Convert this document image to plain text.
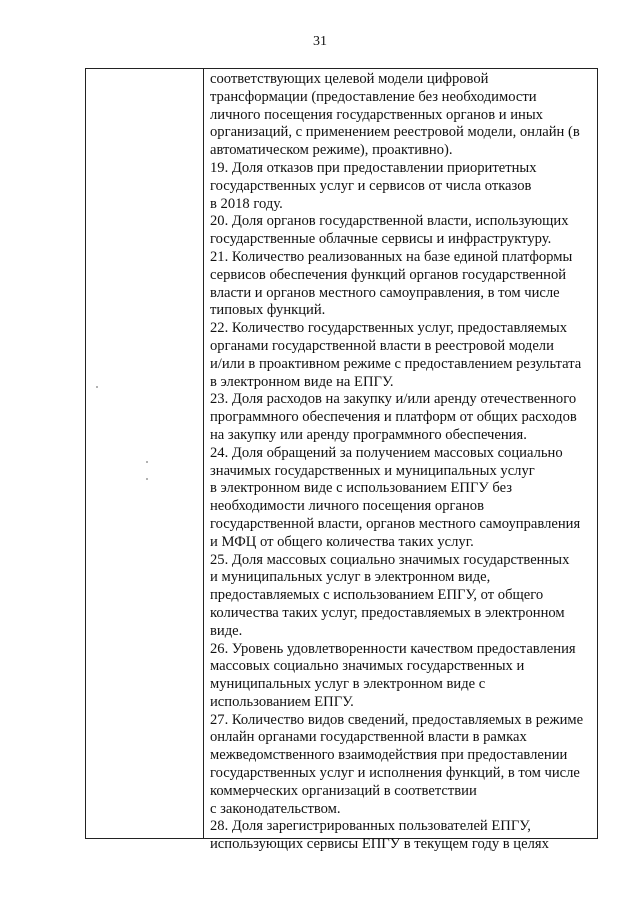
31
соответствующих целевой модели цифровой
трансформации (предоставление без необходимости
личного посещения государственных органов и иных
организаций, с применением реестровой модели, онлайн (в
автоматическом режиме), проактивно).
19. Доля отказов при предоставлении приоритетных
государственных услуг и сервисов от числа отказов
в 2018 году.
20. Доля органов государственной власти, использующих
государственные облачные сервисы и инфраструктуру.
21. Количество реализованных на базе единой платформы
сервисов обеспечения функций органов государственной
власти и органов местного самоуправления, в том числе
типовых функций.
22. Количество государственных услуг, предоставляемых
органами государственной власти в реестровой модели
и/или в проактивном режиме с предоставлением результата
в электронном виде на ЕПГУ.
23. Доля расходов на закупку и/или аренду отечественного
программного обеспечения и платформ от общих расходов
на закупку или аренду программного обеспечения.
24. Доля обращений за получением массовых социально
значимых государственных и муниципальных услуг
в электронном виде с использованием ЕПГУ без
необходимости личного посещения органов
государственной власти, органов местного самоуправления
и МФЦ от общего количества таких услуг.
25. Доля массовых социально значимых государственных
и муниципальных услуг в электронном виде,
предоставляемых с использованием ЕПГУ, от общего
количества таких услуг, предоставляемых в электронном
виде.
26. Уровень удовлетворенности качеством предоставления
массовых социально значимых государственных и
муниципальных услуг в электронном виде с
использованием ЕПГУ.
27. Количество видов сведений, предоставляемых в режиме
онлайн органами государственной власти в рамках
межведомственного взаимодействия при предоставлении
государственных услуг и исполнения функций, в том числе
коммерческих организаций в соответствии
с законодательством.
28. Доля зарегистрированных пользователей ЕПГУ,
использующих сервисы ЕПГУ в текущем году в целях
